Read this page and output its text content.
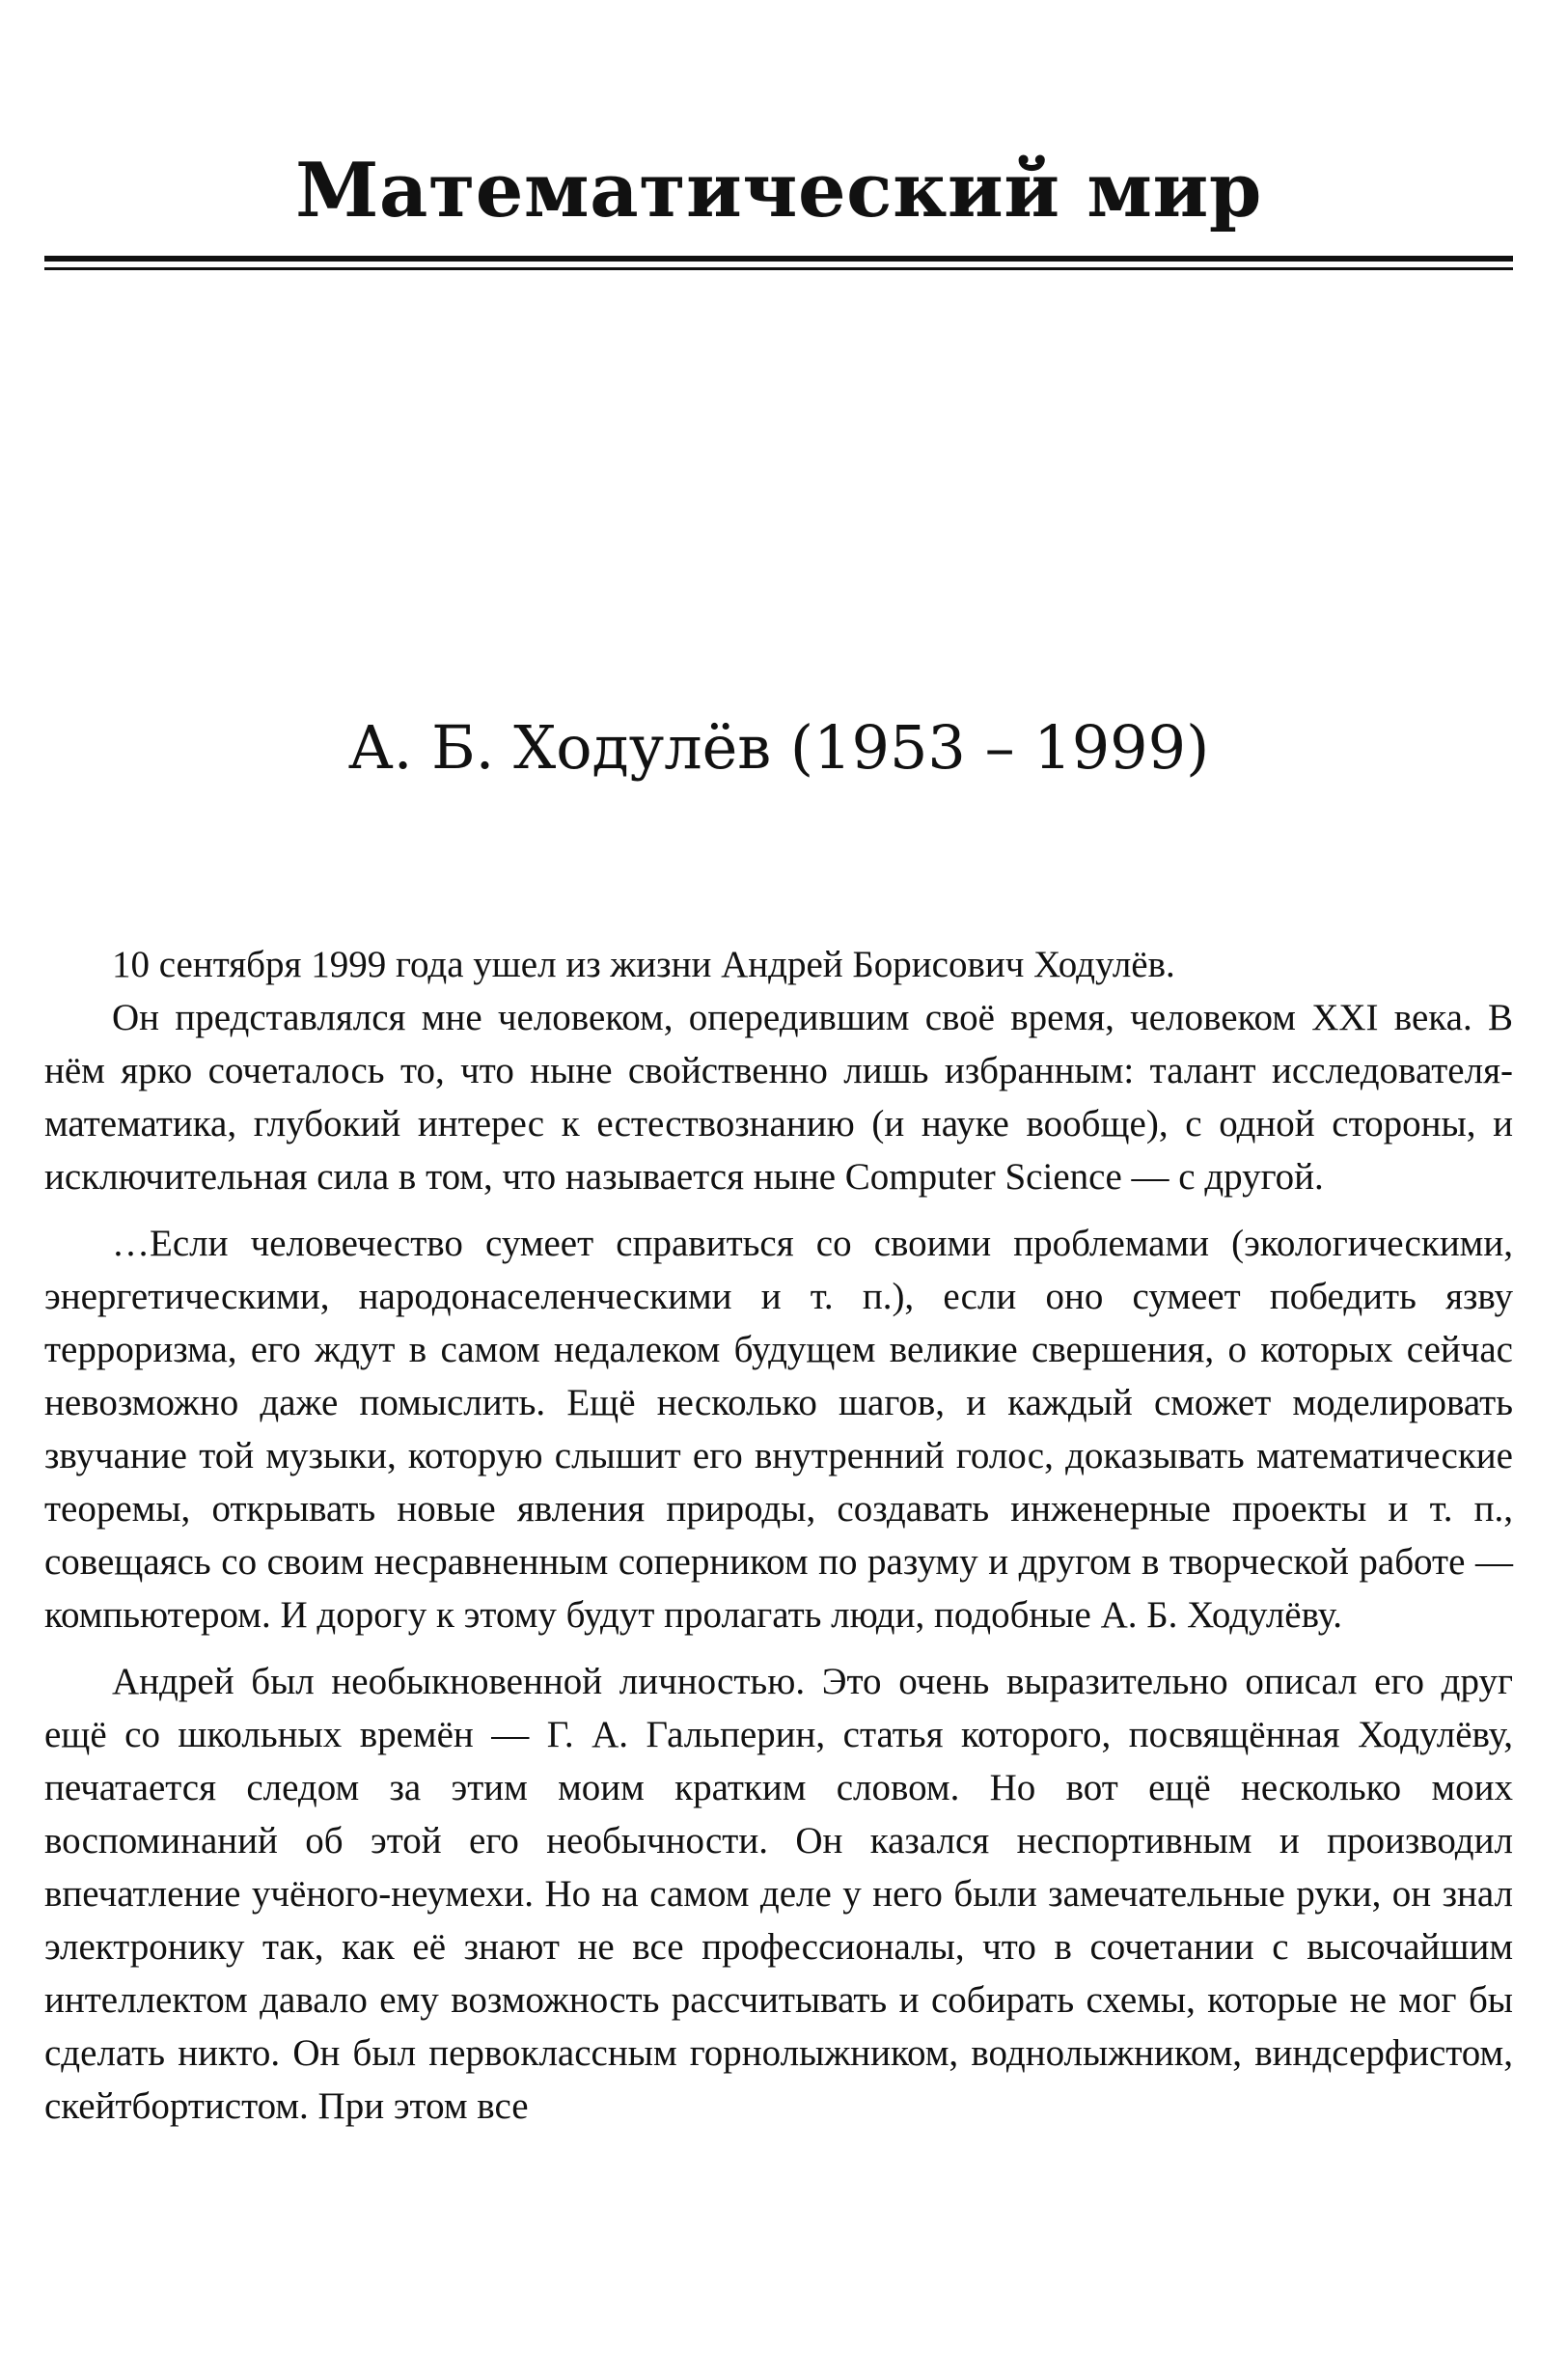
Математический мир
А. Б. Ходулёв (1953 – 1999)

10 сентября 1999 года ушел из жизни Андрей Борисович Ходулёв.

Он представлялся мне человеком, опередившим своё время, человеком XXI века. В нём ярко сочеталось то, что ныне свойственно лишь избранным: талант исследователя-математика, глубокий интерес к естествознанию (и науке вообще), с одной стороны, и исключительная сила в том, что называется ныне Computer Science — с другой.

…Если человечество сумеет справиться со своими проблемами (экологическими, энергетическими, народонаселенческими и т. п.), если оно сумеет победить язву терроризма, его ждут в самом недалеком будущем великие свершения, о которых сейчас невозможно даже помыслить. Ещё несколько шагов, и каждый сможет моделировать звучание той музыки, которую слышит его внутренний голос, доказывать математические теоремы, открывать новые явления природы, создавать инженерные проекты и т. п., совещаясь со своим несравненным соперником по разуму и другом в творческой работе — компьютером. И дорогу к этому будут пролагать люди, подобные А. Б. Ходулёву.

Андрей был необыкновенной личностью. Это очень выразительно описал его друг ещё со школьных времён — Г. А. Гальперин, статья которого, посвящённая Ходулёву, печатается следом за этим моим кратким словом. Но вот ещё несколько моих воспоминаний об этой его необычности. Он казался неспортивным и производил впечатление учёного-неумехи. Но на самом деле у него были замечательные руки, он знал электронику так, как её знают не все профессионалы, что в сочетании с высочайшим интеллектом давало ему возможность рассчитывать и собирать схемы, которые не мог бы сделать никто. Он был первоклассным горнолыжником, воднолыжником, виндсерфистом, скейтбортистом. При этом все
